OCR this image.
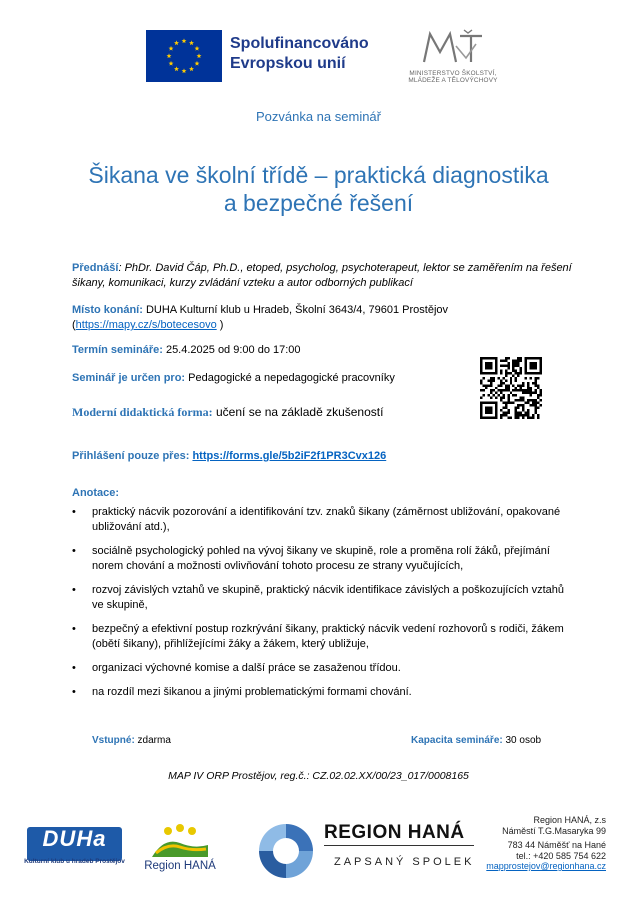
Spolufinancováno
Evropskou unií
MINISTERSTVO ŠKOLSTVÍ,
MLÁDEŽE A TĚLOVÝCHOVY
Pozvánka na seminář
Šikana ve školní třídě – praktická diagnostika
a bezpečné řešení
Přednáší: PhDr. David Čáp, Ph.D., etoped, psycholog, psychoterapeut, lektor se zaměřením na řešení šikany, komunikaci, kurzy zvládání vzteku a autor odborných publikací
Místo konání: DUHA Kulturní klub u Hradeb, Školní 3643/4, 79601 Prostějov
(https://mapy.cz/s/botecesovo )
Termín semináře: 25.4.2025 od 9:00 do 17:00
Seminář je určen pro: Pedagogické a nepedagogické pracovníky
Moderní didaktická forma: učení se na základě zkušeností
Přihlášení pouze přes: https://forms.gle/5b2iF2f1PR3Cvx126
Anotace:
• praktický nácvik pozorování a identifikování tzv. znaků šikany (záměrnost ubližování, opakované ubližování atd.),
• sociálně psychologický pohled na vývoj šikany ve skupině, role a proměna rolí žáků, přejímání norem chování a možnosti ovlivňování tohoto procesu ze strany vyučujících,
• rozvoj závislých vztahů ve skupině, praktický nácvik identifikace závislých a poškozujících vztahů ve skupině,
• bezpečný a efektivní postup rozkrývání šikany, praktický nácvik vedení rozhovorů s rodiči, žákem (obětí šikany), přihlížejícími žáky a žákem, který ubližuje,
• organizaci výchovné komise a další práce se zasaženou třídou.
• na rozdíl mezi šikanou a jinými problematickými formami chování.
Vstupné: zdarma	Kapacita semináře: 30 osob
MAP IV ORP Prostějov, reg.č.: CZ.02.02.XX/00/23_017/0008165
DUHa
Kulturní klub u hradeb Prostějov	Region HANÁ
REGION HANÁ
ZAPSANÝ SPOLEK
Region HANÁ, z.s
Náměstí T.G.Masaryka 99
783 44 Náměšť na Hané
tel.: +420 585 754 622
mapprostejov@regionhana.cz
